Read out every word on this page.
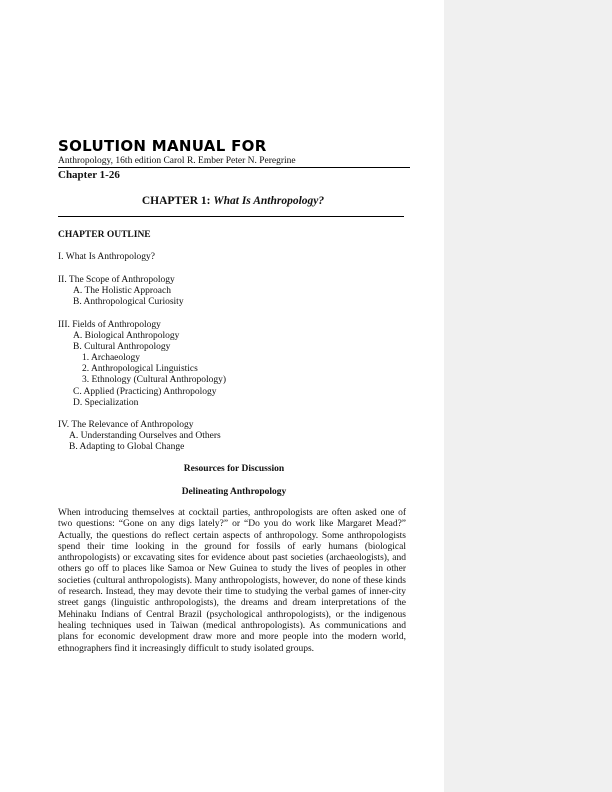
SOLUTION MANUAL FOR
Anthropology, 16th edition Carol R. Ember Peter N. Peregrine
Chapter 1-26
CHAPTER 1: What Is Anthropology?
CHAPTER OUTLINE
I. What Is Anthropology?
II. The Scope of Anthropology
A. The Holistic Approach
B. Anthropological Curiosity
III. Fields of Anthropology
A. Biological Anthropology
B. Cultural Anthropology
1. Archaeology
2. Anthropological Linguistics
3. Ethnology (Cultural Anthropology)
C. Applied (Practicing) Anthropology
D. Specialization
IV. The Relevance of Anthropology
A. Understanding Ourselves and Others
B. Adapting to Global Change
Resources for Discussion
Delineating Anthropology
When introducing themselves at cocktail parties, anthropologists are often asked one of two questions: “Gone on any digs lately?” or “Do you do work like Margaret Mead?” Actually, the questions do reflect certain aspects of anthropology. Some anthropologists spend their time looking in the ground for fossils of early humans (biological anthropologists) or excavating sites for evidence about past societies (archaeologists), and others go off to places like Samoa or New Guinea to study the lives of peoples in other societies (cultural anthropologists). Many anthropologists, however, do none of these kinds of research. Instead, they may devote their time to studying the verbal games of inner-city street gangs (linguistic anthropologists), the dreams and dream interpretations of the Mehinaku Indians of Central Brazil (psychological anthropologists), or the indigenous healing techniques used in Taiwan (medical anthropologists). As communications and plans for economic development draw more and more people into the modern world, ethnographers find it increasingly difficult to study isolated groups.
